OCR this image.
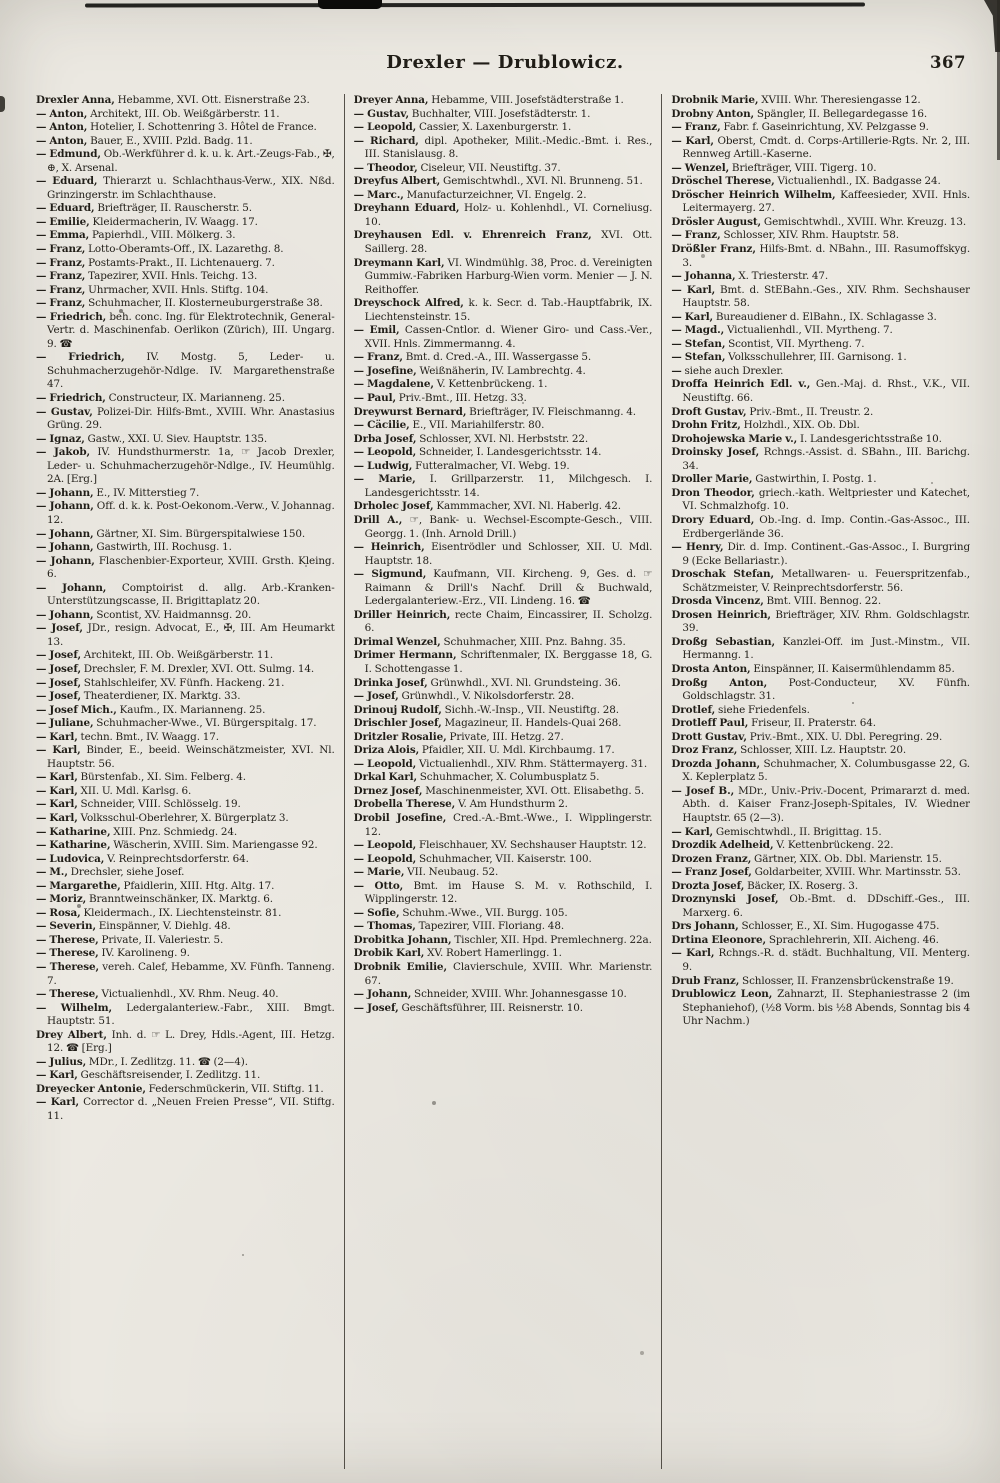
Drexler — Drublowicz.	367

Drexler Anna, Hebamme, XVI. Ott. Eisnerstraße 23.

— Anton, Architekt, III. Ob. Weißgärberstr. 11.

— Anton, Hotelier, I. Schottenring 3. Hôtel de France.

— Anton, Bauer, E., XVIII. Pzld. Badg. 11.

— Edmund, Ob.-Werkführer d. k. u. k. Art.-Zeugs-Fab., ✠, ⊕, X. Arsenal.

— Eduard, Thierarzt u. Schlachthaus-Verw., XIX. Nßd. Grinzingerstr. im Schlachthause.

— Eduard, Briefträger, II. Rauscherstr. 5.

— Emilie, Kleidermacherin, IV. Waagg. 17.

— Emma, Papierhdl., VIII. Mölkerg. 3.

— Franz, Lotto-Oberamts-Off., IX. Lazarethg. 8.

— Franz, Postamts-Prakt., II. Lichtenauerg. 7.

— Franz, Tapezirer, XVII. Hnls. Teichg. 13.

— Franz, Uhrmacher, XVII. Hnls. Stiftg. 104.

— Franz, Schuhmacher, II. Klosterneuburgerstraße 38.

— Friedrich, beh. conc. Ing. für Elektrotechnik, General-Vertr. d. Maschinenfab. Oerlikon (Zürich), III. Ungarg. 9. ☎

— Friedrich, IV. Mostg. 5, Leder- u. Schuhmacherzugehör-Ndlge. IV. Margarethenstraße 47.

— Friedrich, Constructeur, IX. Marianneng. 25.

— Gustav, Polizei-Dir. Hilfs-Bmt., XVIII. Whr. Anastasius Grüng. 29.

— Ignaz, Gastw., XXI. U. Siev. Hauptstr. 135.

— Jakob, IV. Hundsthurmerstr. 1a, ☞ Jacob Drexler, Leder- u. Schuhmacherzugehör-Ndlge., IV. Heumühlg. 2A. [Erg.]

— Johann, E., IV. Mitterstieg 7.

— Johann, Off. d. k. k. Post-Oekonom.-Verw., V. Johannag. 12.

— Johann, Gärtner, XI. Sim. Bürgerspitalwiese 150.

— Johann, Gastwirth, III. Rochusg. 1.

— Johann, Flaschenbier-Exporteur, XVIII. Grsth. Kleing. 6.

— Johann, Comptoirist d. allg. Arb.-Kranken-Unterstützungscasse, II. Brigittaplatz 20.

— Johann, Scontist, XV. Haidmannsg. 20.

— Josef, JDr., resign. Advocat, E., ✠, III. Am Heumarkt 13.

— Josef, Architekt, III. Ob. Weißgärberstr. 11.

— Josef, Drechsler, F. M. Drexler, XVI. Ott. Sulmg. 14.

— Josef, Stahlschleifer, XV. Fünfh. Hackeng. 21.

— Josef, Theaterdiener, IX. Marktg. 33.

— Josef Mich., Kaufm., IX. Marianneng. 25.

— Juliane, Schuhmacher-Wwe., VI. Bürgerspitalg. 17.

— Karl, techn. Bmt., IV. Waagg. 17.

— Karl, Binder, E., beeid. Weinschätzmeister, XVI. Nl. Hauptstr. 56.

— Karl, Bürstenfab., XI. Sim. Felberg. 4.

— Karl, XII. U. Mdl. Karlsg. 6.

— Karl, Schneider, VIII. Schlösselg. 19.

— Karl, Volksschul-Oberlehrer, X. Bürgerplatz 3.

— Katharine, XIII. Pnz. Schmiedg. 24.

— Katharine, Wäscherin, XVIII. Sim. Mariengasse 92.

— Ludovica, V. Reinprechtsdorferstr. 64.

— M., Drechsler, siehe Josef.

— Margarethe, Pfaidlerin, XIII. Htg. Altg. 17.

— Moriz, Branntweinschänker, IX. Marktg. 6.

— Rosa, Kleidermach., IX. Liechtensteinstr. 81.

— Severin, Einspänner, V. Diehlg. 48.

— Therese, Private, II. Valeriestr. 5.

— Therese, IV. Karolineng. 9.

— Therese, vereh. Calef, Hebamme, XV. Fünfh. Tanneng. 7.

— Therese, Victualienhdl., XV. Rhm. Neug. 40.

— Wilhelm, Ledergalanteriew.-Fabr., XIII. Bmgt. Hauptstr. 51.

Drey Albert, Inh. d. ☞ L. Drey, Hdls.-Agent, III. Hetzg. 12. ☎ [Erg.]

— Julius, MDr., I. Zedlitzg. 11. ☎ (2—4).

— Karl, Geschäftsreisender, I. Zedlitzg. 11.

Dreyecker Antonie, Federschmückerin, VII. Stiftg. 11.

— Karl, Corrector d. „Neuen Freien Presse“, VII. Stiftg. 11.

Dreyer Anna, Hebamme, VIII. Josefstädterstraße 1.

— Gustav, Buchhalter, VIII. Josefstädterstr. 1.

— Leopold, Cassier, X. Laxenburgerstr. 1.

— Richard, dipl. Apotheker, Milit.-Medic.-Bmt. i. Res., III. Stanislausg. 8.

— Theodor, Ciseleur, VII. Neustiftg. 37.

Dreyfus Albert, Gemischtwhdl., XVI. Nl. Brunneng. 51.

— Marc., Manufacturzeichner, VI. Engelg. 2.

Dreyhann Eduard, Holz- u. Kohlenhdl., VI. Corneliusg. 10.

Dreyhausen Edl. v. Ehrenreich Franz, XVI. Ott. Saillerg. 28.

Dreymann Karl, VI. Windmühlg. 38, Proc. d. Vereinigten Gummiw.-Fabriken Harburg-Wien vorm. Menier — J. N. Reithoffer.

Dreyschock Alfred, k. k. Secr. d. Tab.-Hauptfabrik, IX. Liechtensteinstr. 15.

— Emil, Cassen-Cntlor. d. Wiener Giro- und Cass.-Ver., XVII. Hnls. Zimmermanng. 4.

— Franz, Bmt. d. Cred.-A., III. Wassergasse 5.

— Josefine, Weißnäherin, IV. Lambrechtg. 4.

— Magdalene, V. Kettenbrückeng. 1.

— Paul, Priv.-Bmt., III. Hetzg. 33.

Dreywurst Bernard, Briefträger, IV. Fleischmanng. 4.

— Cäcilie, E., VII. Mariahilferstr. 80.

Drba Josef, Schlosser, XVI. Nl. Herbststr. 22.

— Leopold, Schneider, I. Landesgerichtsstr. 14.

— Ludwig, Futteralmacher, VI. Webg. 19.

— Marie, I. Grillparzerstr. 11, Milchgesch. I. Landesgerichtsstr. 14.

Drholec Josef, Kammmacher, XVI. Nl. Haberlg. 42.

Drill A., ☞, Bank- u. Wechsel-Escompte-Gesch., VIII. Georgg. 1. (Inh. Arnold Drill.)

— Heinrich, Eisentrödler und Schlosser, XII. U. Mdl. Hauptstr. 18.

— Sigmund, Kaufmann, VII. Kircheng. 9, Ges. d. ☞ Raimann & Drill's Nachf. Drill & Buchwald, Ledergalanteriew.-Erz., VII. Lindeng. 16. ☎

Driller Heinrich, recte Chaim, Eincassirer, II. Scholzg. 6.

Drimal Wenzel, Schuhmacher, XIII. Pnz. Bahng. 35.

Drimer Hermann, Schriftenmaler, IX. Berggasse 18, G. I. Schottengasse 1.

Drinka Josef, Grünwhdl., XVI. Nl. Grundsteing. 36.

— Josef, Grünwhdl., V. Nikolsdorferstr. 28.

Drinouj Rudolf, Sichh.-W.-Insp., VII. Neustiftg. 28.

Drischler Josef, Magazineur, II. Handels-Quai 268.

Dritzler Rosalie, Private, III. Hetzg. 27.

Driza Alois, Pfaidler, XII. U. Mdl. Kirchbaumg. 17.

— Leopold, Victualienhdl., XIV. Rhm. Stättermayerg. 31.

Drkal Karl, Schuhmacher, X. Columbusplatz 5.

Drnez Josef, Maschinenmeister, XVI. Ott. Elisabethg. 5.

Drobella Therese, V. Am Hundsthurm 2.

Drobil Josefine, Cred.-A.-Bmt.-Wwe., I. Wipplingerstr. 12.

— Leopold, Fleischhauer, XV. Sechshauser Hauptstr. 12.

— Leopold, Schuhmacher, VII. Kaiserstr. 100.

— Marie, VII. Neubaug. 52.

— Otto, Bmt. im Hause S. M. v. Rothschild, I. Wipplingerstr. 12.

— Sofie, Schuhm.-Wwe., VII. Burgg. 105.

— Thomas, Tapezirer, VIII. Floriang. 48.

Drobitka Johann, Tischler, XII. Hpd. Premlechnerg. 22a.

Drobik Karl, XV. Robert Hamerlingg. 1.

Drobnik Emilie, Clavierschule, XVIII. Whr. Marienstr. 67.

— Johann, Schneider, XVIII. Whr. Johannesgasse 10.

— Josef, Geschäftsführer, III. Reisnerstr. 10.

Drobnik Marie, XVIII. Whr. Theresiengasse 12.

Drobny Anton, Spängler, II. Bellegardegasse 16.

— Franz, Fabr. f. Gaseinrichtung, XV. Pelzgasse 9.

— Karl, Oberst, Cmdt. d. Corps-Artillerie-Rgts. Nr. 2, III. Rennweg Artill.-Kaserne.

— Wenzel, Briefträger, VIII. Tigerg. 10.

Dröschel Therese, Victualienhdl., IX. Badgasse 24.

Dröscher Heinrich Wilhelm, Kaffeesieder, XVII. Hnls. Leitermayerg. 27.

Drösler August, Gemischtwhdl., XVIII. Whr. Kreuzg. 13.

— Franz, Schlosser, XIV. Rhm. Hauptstr. 58.

Drößler Franz, Hilfs-Bmt. d. NBahn., III. Rasumoffskyg. 3.

— Johanna, X. Triesterstr. 47.

— Karl, Bmt. d. StEBahn.-Ges., XIV. Rhm. Sechshauser Hauptstr. 58.

— Karl, Bureaudiener d. ElBahn., IX. Schlagasse 3.

— Magd., Victualienhdl., VII. Myrtheng. 7.

— Stefan, Scontist, VII. Myrtheng. 7.

— Stefan, Volksschullehrer, III. Garnisong. 1.

— siehe auch Drexler.

Droffa Heinrich Edl. v., Gen.-Maj. d. Rhst., V.K., VII. Neustiftg. 66.

Droft Gustav, Priv.-Bmt., II. Treustr. 2.

Drohn Fritz, Holzhdl., XIX. Ob. Dbl.

Drohojewska Marie v., I. Landesgerichtsstraße 10.

Droinsky Josef, Rchngs.-Assist. d. SBahn., III. Barichg. 34.

Droller Marie, Gastwirthin, I. Postg. 1.

Dron Theodor, griech.-kath. Weltpriester und Katechet, VI. Schmalzhofg. 10.

Drory Eduard, Ob.-Ing. d. Imp. Contin.-Gas-Assoc., III. Erdbergerlände 36.

— Henry, Dir. d. Imp. Continent.-Gas-Assoc., I. Burgring 9 (Ecke Bellariastr.).

Droschak Stefan, Metallwaren- u. Feuerspritzenfab., Schätzmeister, V. Reinprechtsdorferstr. 56.

Drosda Vincenz, Bmt. VIII. Bennog. 22.

Drosen Heinrich, Briefträger, XIV. Rhm. Goldschlagstr. 39.

Droßg Sebastian, Kanzlei-Off. im Just.-Minstm., VII. Hermanng. 1.

Drosta Anton, Einspänner, II. Kaisermühlendamm 85.

Droßg Anton, Post-Conducteur, XV. Fünfh. Goldschlagstr. 31.

Drotlef, siehe Friedenfels.

Drotleff Paul, Friseur, II. Praterstr. 64.

Drott Gustav, Priv.-Bmt., XIX. U. Dbl. Peregring. 29.

Droz Franz, Schlosser, XIII. Lz. Hauptstr. 20.

Drozda Johann, Schuhmacher, X. Columbusgasse 22, G. X. Keplerplatz 5.

— Josef B., MDr., Univ.-Priv.-Docent, Primararzt d. med. Abth. d. Kaiser Franz-Joseph-Spitales, IV. Wiedner Hauptstr. 65 (2—3).

— Karl, Gemischtwhdl., II. Brigittag. 15.

Drozdik Adelheid, V. Kettenbrückeng. 22.

Drozen Franz, Gärtner, XIX. Ob. Dbl. Marienstr. 15.

— Franz Josef, Goldarbeiter, XVIII. Whr. Martinsstr. 53.

Drozta Josef, Bäcker, IX. Roserg. 3.

Droznynski Josef, Ob.-Bmt. d. DDschiff.-Ges., III. Marxerg. 6.

Drs Johann, Schlosser, E., XI. Sim. Hugogasse 475.

Drtina Eleonore, Sprachlehrerin, XII. Aicheng. 46.

— Karl, Rchngs.-R. d. städt. Buchhaltung, VII. Menterg. 9.

Drub Franz, Schlosser, II. Franzensbrückenstraße 19.

Drublowicz Leon, Zahnarzt, II. Stephaniestrasse 2 (im Stephaniehof), (½8 Vorm. bis ½8 Abends, Sonntag bis 4 Uhr Nachm.)
